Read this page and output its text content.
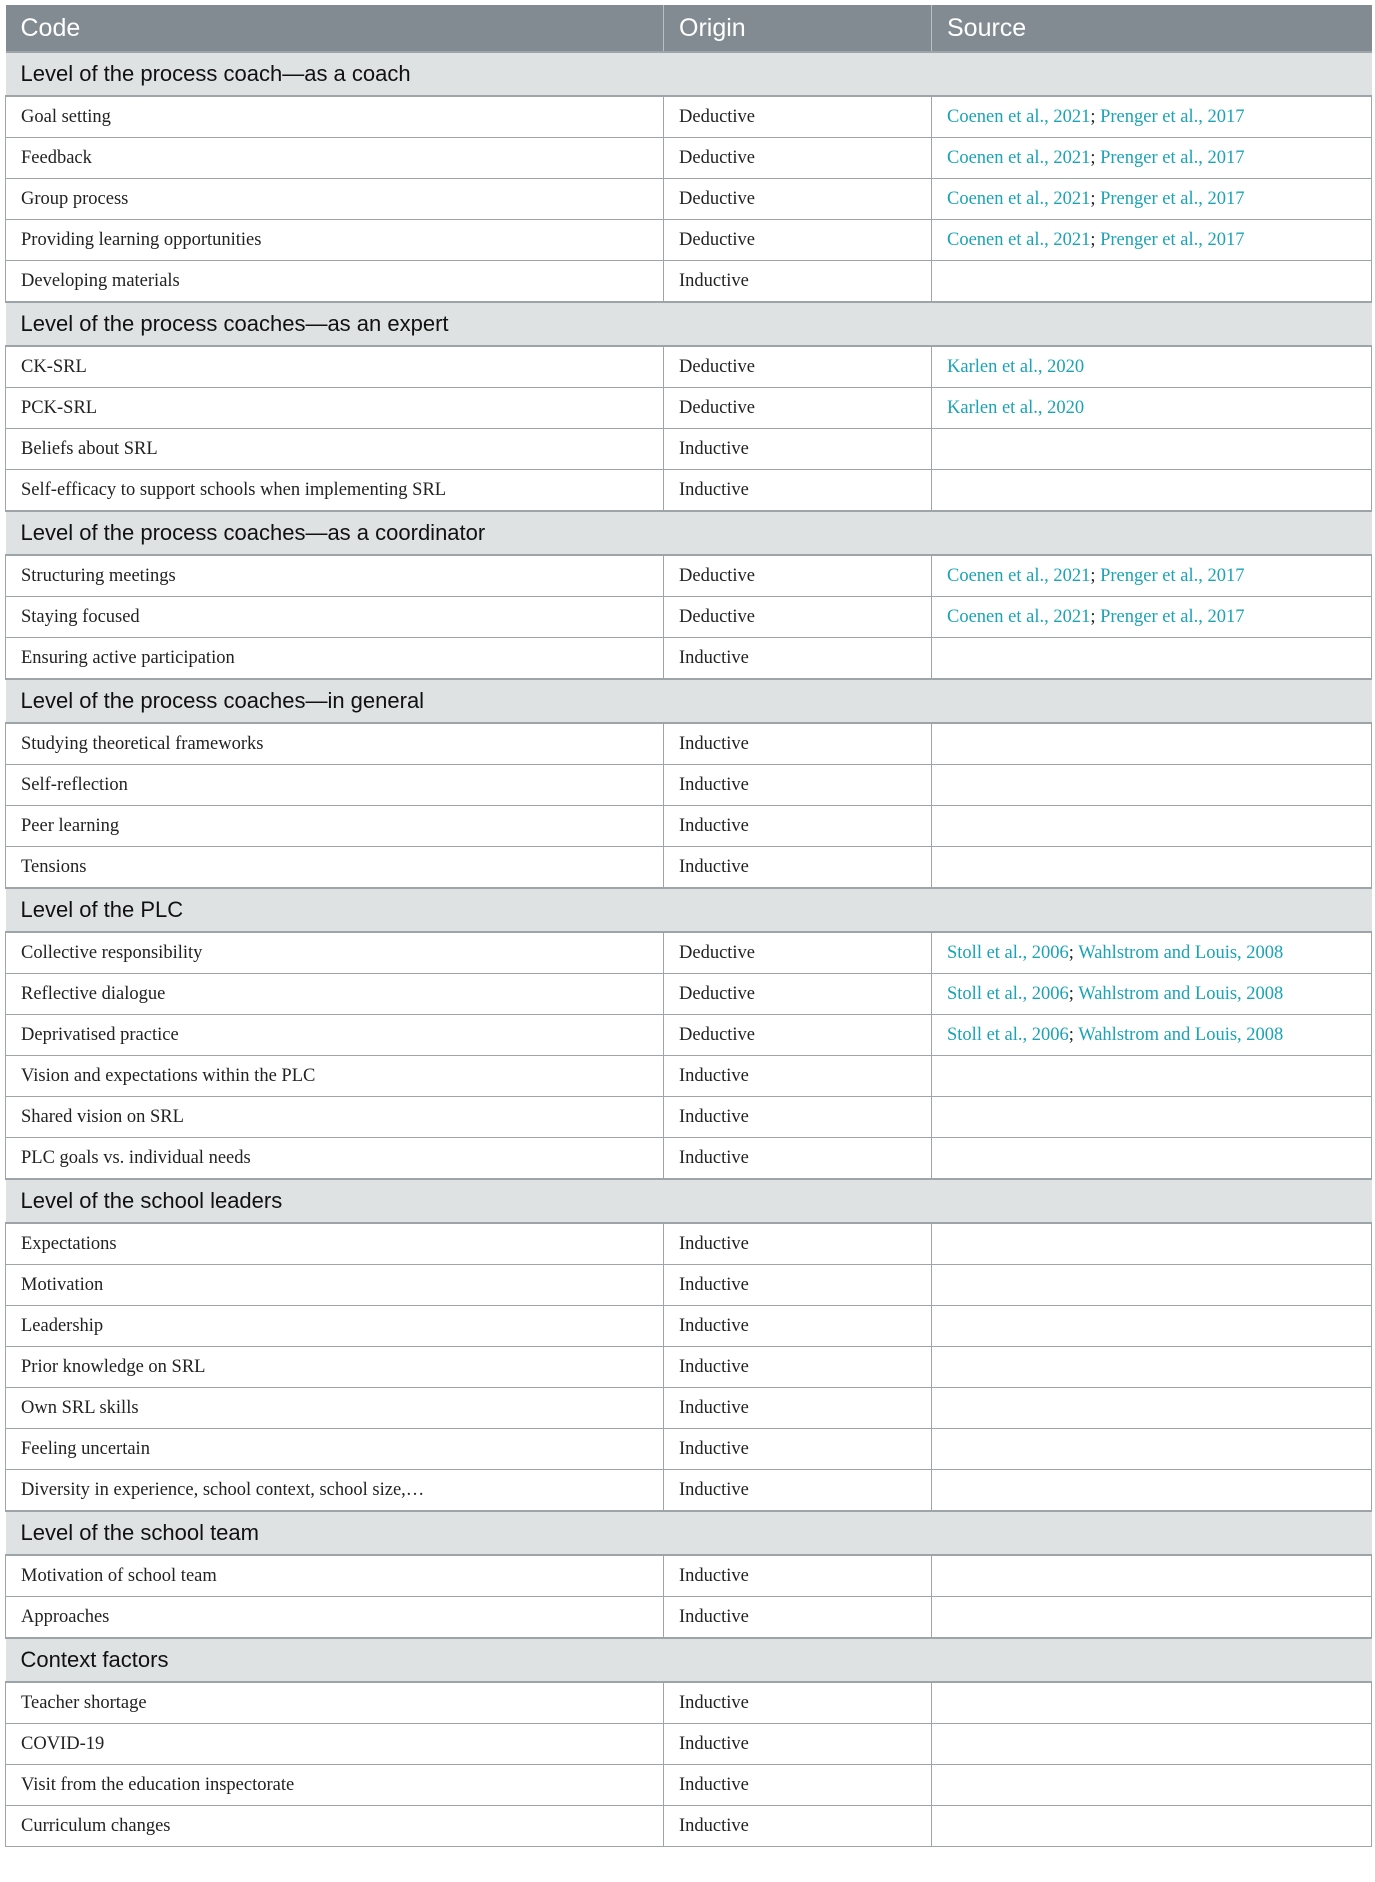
Code	Origin	Source
Level of the process coach—as a coach		
Goal setting	Deductive	Coenen et al., 2021; Prenger et al., 2017
Feedback	Deductive	Coenen et al., 2021; Prenger et al., 2017
Group process	Deductive	Coenen et al., 2021; Prenger et al., 2017
Providing learning opportunities	Deductive	Coenen et al., 2021; Prenger et al., 2017
Developing materials	Inductive	
Level of the process coaches—as an expert		
CK-SRL	Deductive	Karlen et al., 2020
PCK-SRL	Deductive	Karlen et al., 2020
Beliefs about SRL	Inductive	
Self-efficacy to support schools when implementing SRL	Inductive	
Level of the process coaches—as a coordinator		
Structuring meetings	Deductive	Coenen et al., 2021; Prenger et al., 2017
Staying focused	Deductive	Coenen et al., 2021; Prenger et al., 2017
Ensuring active participation	Inductive	
Level of the process coaches—in general		
Studying theoretical frameworks	Inductive	
Self-reflection	Inductive	
Peer learning	Inductive	
Tensions	Inductive	
Level of the PLC		
Collective responsibility	Deductive	Stoll et al., 2006; Wahlstrom and Louis, 2008
Reflective dialogue	Deductive	Stoll et al., 2006; Wahlstrom and Louis, 2008
Deprivatised practice	Deductive	Stoll et al., 2006; Wahlstrom and Louis, 2008
Vision and expectations within the PLC	Inductive	
Shared vision on SRL	Inductive	
PLC goals vs. individual needs	Inductive	
Level of the school leaders		
Expectations	Inductive	
Motivation	Inductive	
Leadership	Inductive	
Prior knowledge on SRL	Inductive	
Own SRL skills	Inductive	
Feeling uncertain	Inductive	
Diversity in experience, school context, school size,…	Inductive	
Level of the school team		
Motivation of school team	Inductive	
Approaches	Inductive	
Context factors		
Teacher shortage	Inductive	
COVID-19	Inductive	
Visit from the education inspectorate	Inductive	
Curriculum changes	Inductive	
